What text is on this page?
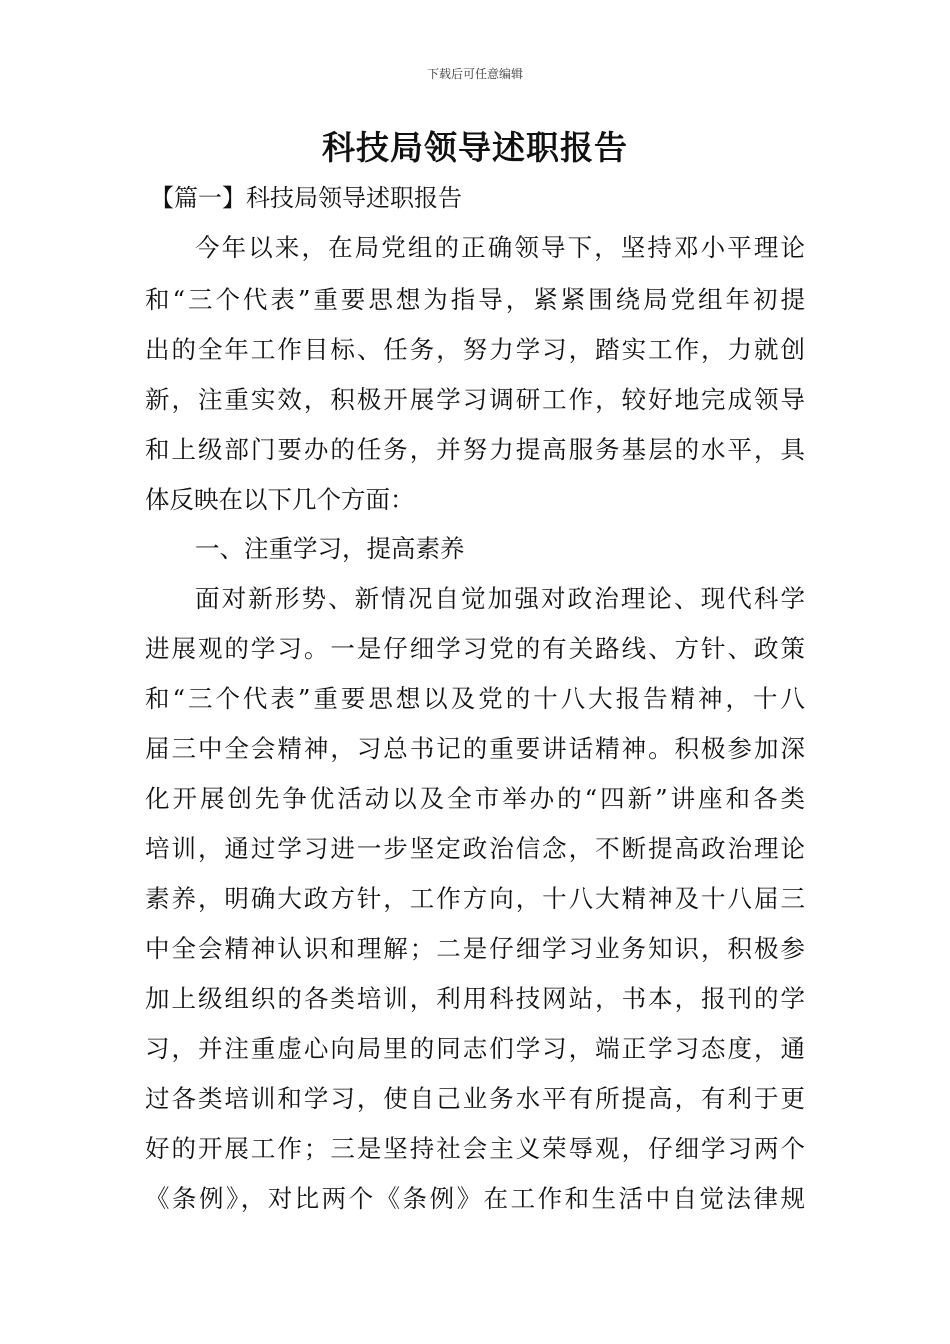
下载后可任意编辑
科技局领导述职报告
【篇一】科技局领导述职报告
今年以来，在局党组的正确领导下，坚持邓小平理论
和“三个代表”重要思想为指导，紧紧围绕局党组年初提
出的全年工作目标、任务，努力学习，踏实工作，力就创
新，注重实效，积极开展学习调研工作，较好地完成领导
和上级部门要办的任务，并努力提高服务基层的水平，具
体反映在以下几个方面：
一、注重学习，提高素养
面对新形势、新情况自觉加强对政治理论、现代科学
进展观的学习。一是仔细学习党的有关路线、方针、政策
和“三个代表”重要思想以及党的十八大报告精神，十八
届三中全会精神，习总书记的重要讲话精神。积极参加深
化开展创先争优活动以及全市举办的“四新”讲座和各类
培训，通过学习进一步坚定政治信念，不断提高政治理论
素养，明确大政方针，工作方向，十八大精神及十八届三
中全会精神认识和理解；二是仔细学习业务知识，积极参
加上级组织的各类培训，利用科技网站，书本，报刊的学
习，并注重虚心向局里的同志们学习，端正学习态度，通
过各类培训和学习，使自己业务水平有所提高，有利于更
好的开展工作；三是坚持社会主义荣辱观，仔细学习两个
《条例》，对比两个《条例》在工作和生活中自觉法律规
